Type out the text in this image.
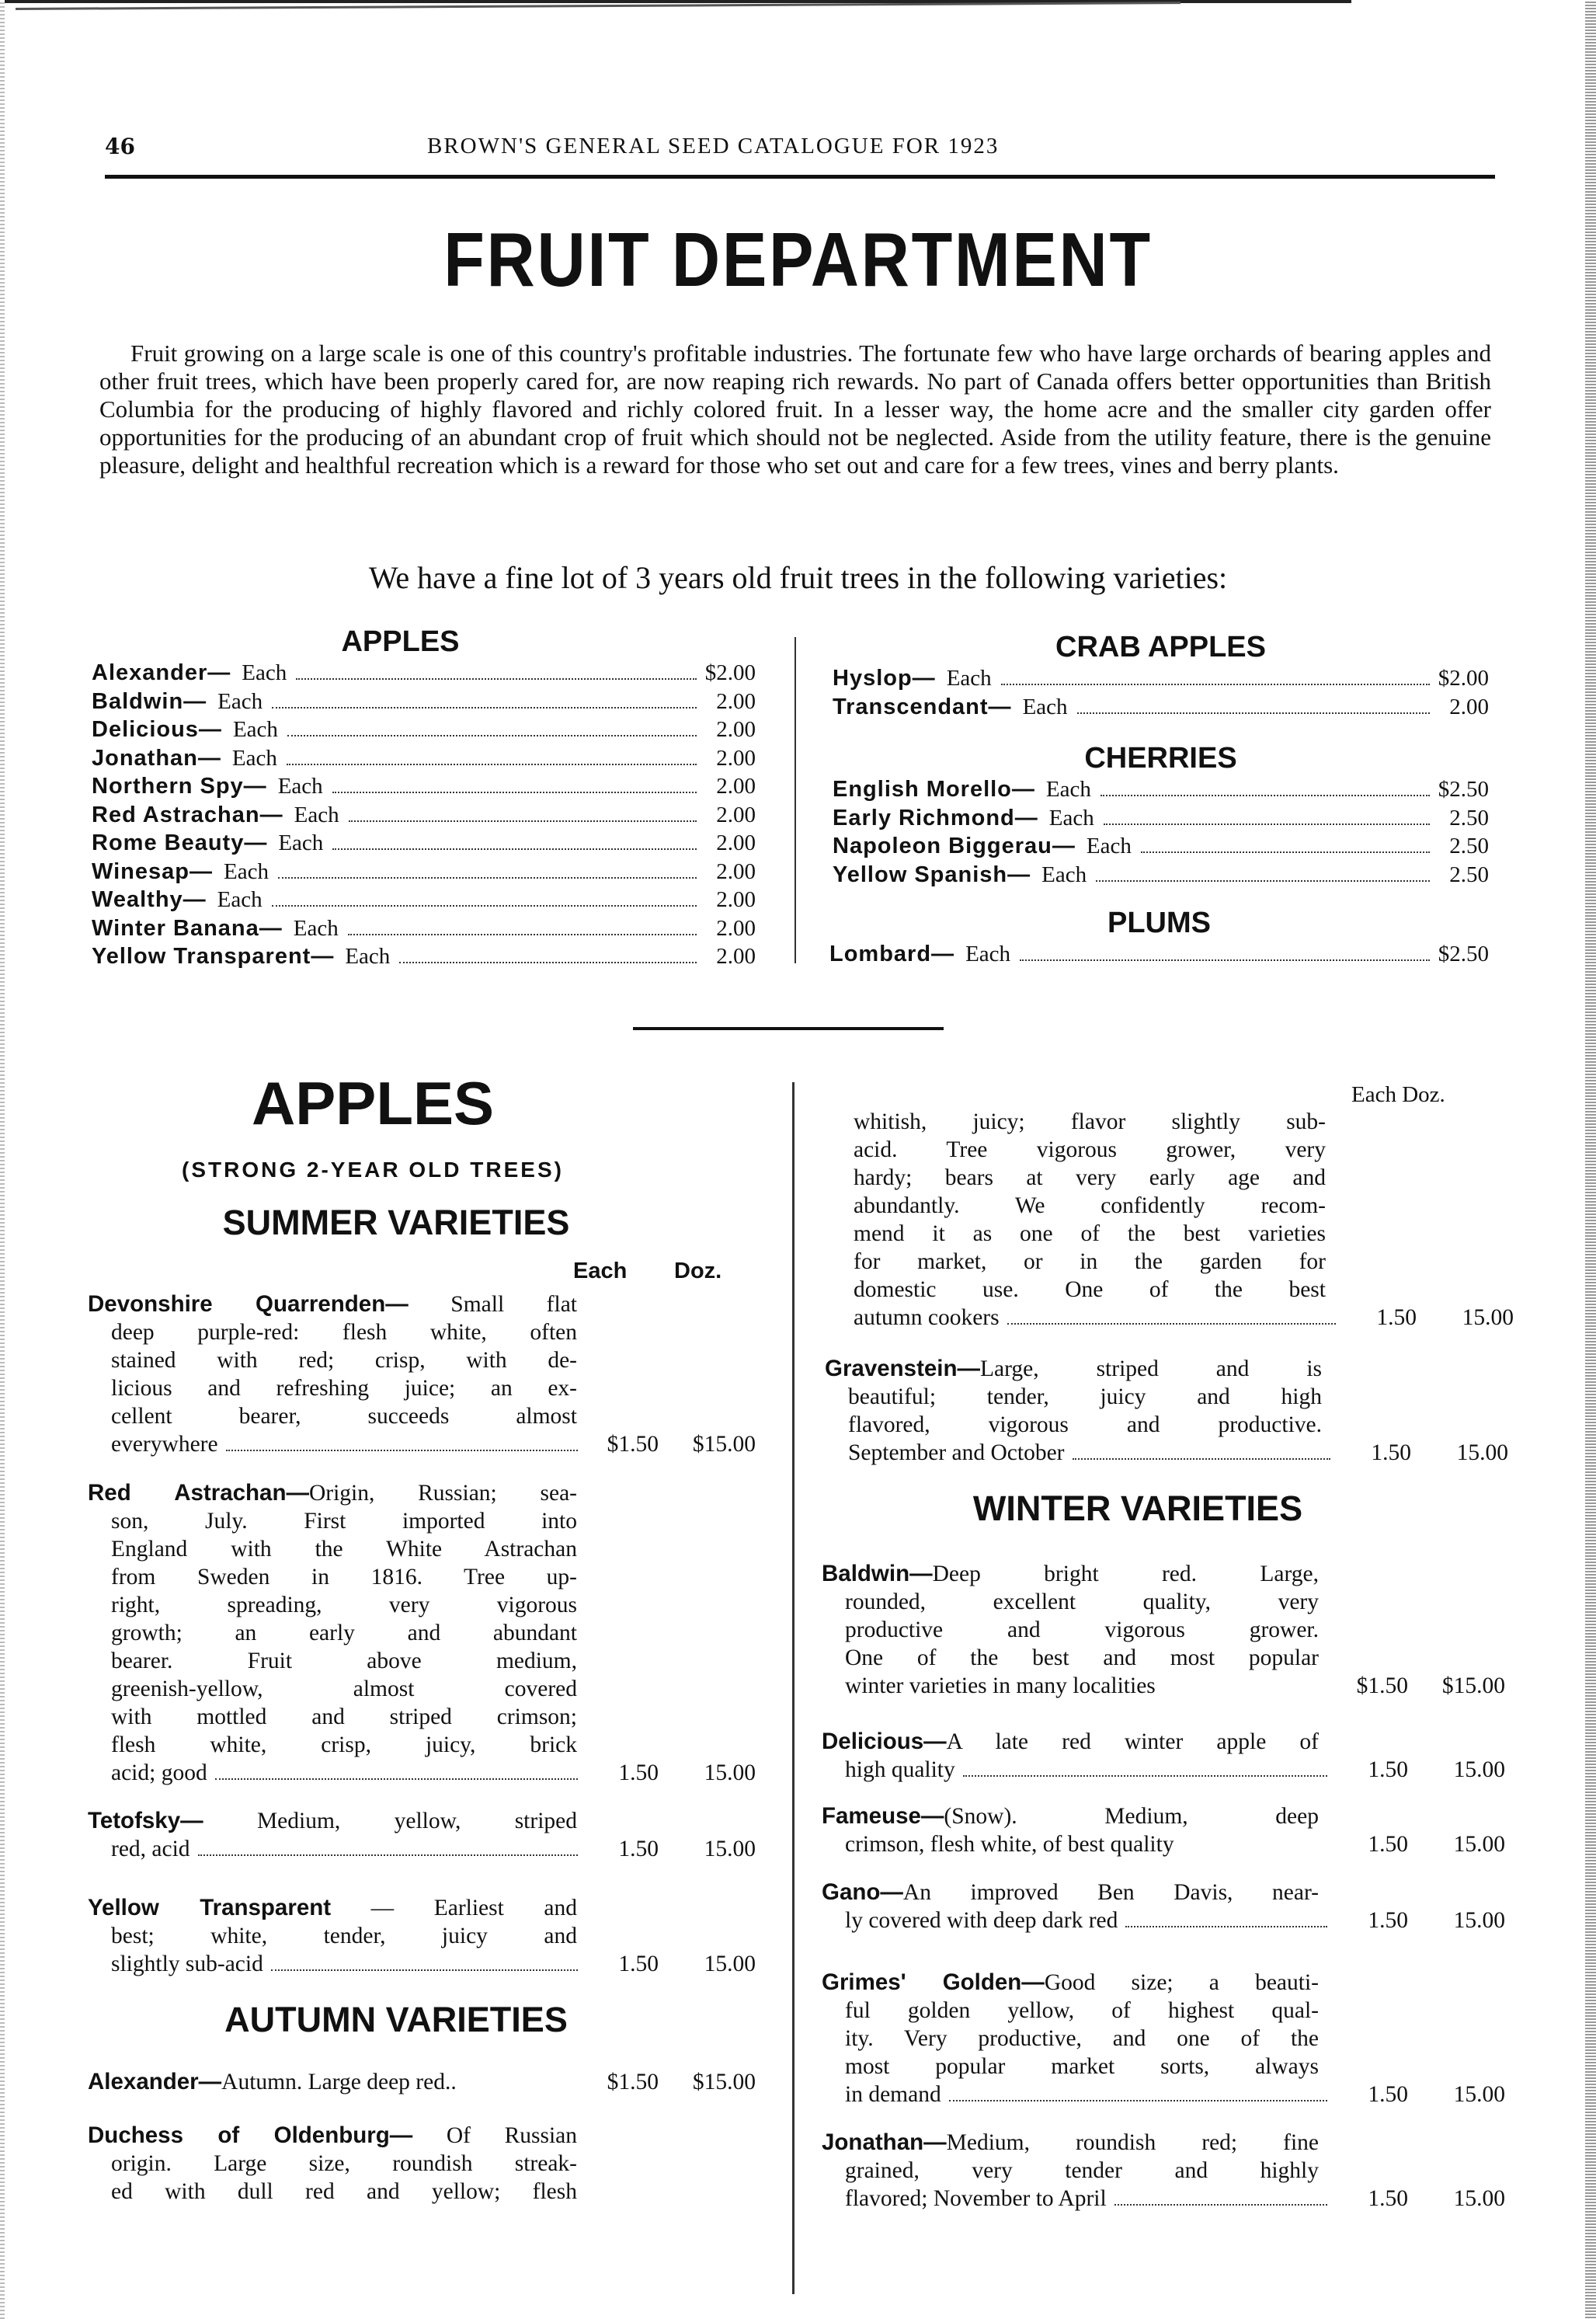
46	BROWN'S GENERAL SEED CATALOGUE FOR 1923
FRUIT DEPARTMENT

Fruit growing on a large scale is one of this country's profitable industries. The fortunate few who have large orchards of bearing apples and other fruit trees, which have been properly cared for, are now reaping rich rewards. No part of Canada offers better opportunities than British Columbia for the producing of highly flavored and richly colored fruit. In a lesser way, the home acre and the smaller city garden offer opportunities for the producing of an abundant crop of fruit which should not be neglected. Aside from the utility feature, there is the genuine pleasure, delight and healthful recreation which is a reward for those who set out and care for a few trees, vines and berry plants.

We have a fine lot of 3 years old fruit trees in the following varieties:
APPLES
Alexander— Each	$2.00
Baldwin— Each	2.00
Delicious— Each	2.00
Jonathan— Each	2.00
Northern Spy— Each	2.00
Red Astrachan— Each	2.00
Rome Beauty— Each	2.00
Winesap— Each	2.00
Wealthy— Each	2.00
Winter Banana— Each	2.00
Yellow Transparent— Each	2.00
CRAB APPLES
Hyslop— Each	$2.00
Transcendant— Each	2.00
CHERRIES
English Morello— Each	$2.50
Early Richmond— Each	2.50
Napoleon Biggerau— Each	2.50
Yellow Spanish— Each	2.50
PLUMS
Lombard— Each	$2.50
APPLES
(STRONG 2-YEAR OLD TREES)
SUMMER VARIETIES
Each Doz.
Devonshire Quarrenden— Small flat
deep purple-red: flesh white, often
stained with red; crisp, with de-
licious and refreshing juice; an ex-
cellent bearer, succeeds almost
everywhere	$1.50	$15.00
Red Astrachan—Origin, Russian; sea-
son, July. First imported into
England with the White Astrachan
from Sweden in 1816. Tree up-
right, spreading, very vigorous
growth; an early and abundant
bearer. Fruit above medium,
greenish-yellow, almost covered
with mottled and striped crimson;
flesh white, crisp, juicy, brick
acid; good	1.50	15.00
Tetofsky— Medium, yellow, striped
red, acid	1.50	15.00
Yellow Transparent — Earliest and
best; white, tender, juicy and
slightly sub-acid	1.50	15.00
AUTUMN VARIETIES
Alexander—Autumn. Large deep red..	$1.50	$15.00
Duchess of Oldenburg— Of Russian
origin. Large size, roundish streak-
ed with dull red and yellow; flesh
Each Doz.
whitish, juicy; flavor slightly sub-
acid. Tree vigorous grower, very
hardy; bears at very early age and
abundantly. We confidently recom-
mend it as one of the best varieties
for market, or in the garden for
domestic use. One of the best
autumn cookers	1.50	15.00
Gravenstein—Large, striped and is
beautiful; tender, juicy and high
flavored, vigorous and productive.
September and October	1.50	15.00
WINTER VARIETIES
Baldwin—Deep bright red. Large,
rounded, excellent quality, very
productive and vigorous grower.
One of the best and most popular
winter varieties in many localities	$1.50	$15.00
Delicious—A late red winter apple of
high quality	1.50	15.00
Fameuse—(Snow). Medium, deep
crimson, flesh white, of best quality	1.50	15.00
Gano—An improved Ben Davis, near-
ly covered with deep dark red	1.50	15.00
Grimes' Golden—Good size; a beauti-
ful golden yellow, of highest qual-
ity. Very productive, and one of the
most popular market sorts, always
in demand	1.50	15.00
Jonathan—Medium, roundish red; fine
grained, very tender and highly
flavored; November to April	1.50	15.00
